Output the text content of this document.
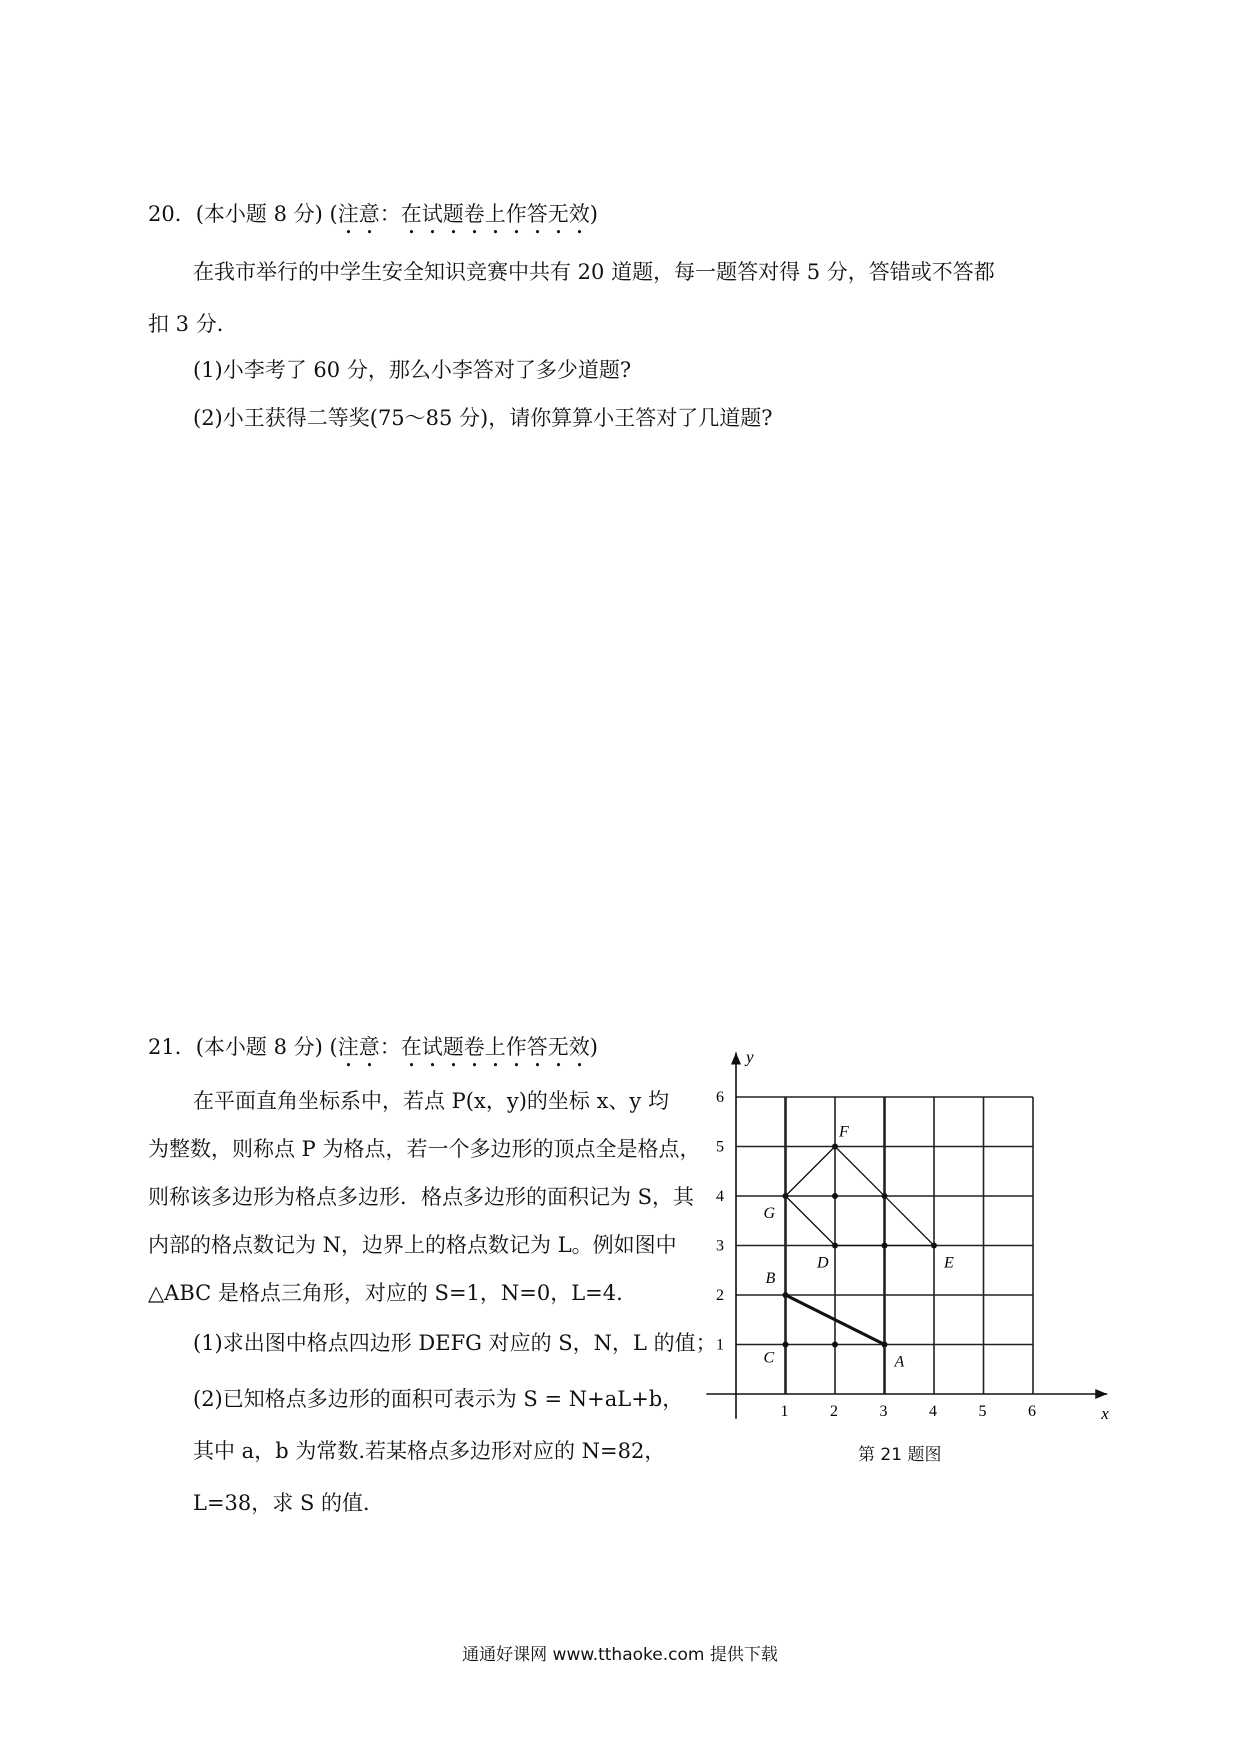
20．(本小题 8 分) (注意：在试题卷上作答无效)
在我市举行的中学生安全知识竞赛中共有 20 道题，每一题答对得 5 分，答错或不答都
扣 3 分．
(1)小李考了 60 分，那么小李答对了多少道题?
(2)小王获得二等奖(75～85 分)，请你算算小王答对了几道题?
21．(本小题 8 分) (注意：在试题卷上作答无效)
在平面直角坐标系中，若点 P(x，y)的坐标 x、y 均
为整数，则称点 P 为格点，若一个多边形的顶点全是格点，
则称该多边形为格点多边形．格点多边形的面积记为 S，其
内部的格点数记为 N，边界上的格点数记为 L。例如图中
△ABC 是格点三角形，对应的 S=1，N=0，L=4.
(1)求出图中格点四边形 DEFG 对应的 S，N，L 的值；
(2)已知格点多边形的面积可表示为 S = N+aL+b，
其中 a，b 为常数.若某格点多边形对应的 N=82，
L=38，求 S 的值．
y
x
1	2	3	4	5	6
1
2
3
4
5
6
A
B
C
D	E
F
G
第 21 题图
通通好课网 www.tthaoke.com 提供下载
